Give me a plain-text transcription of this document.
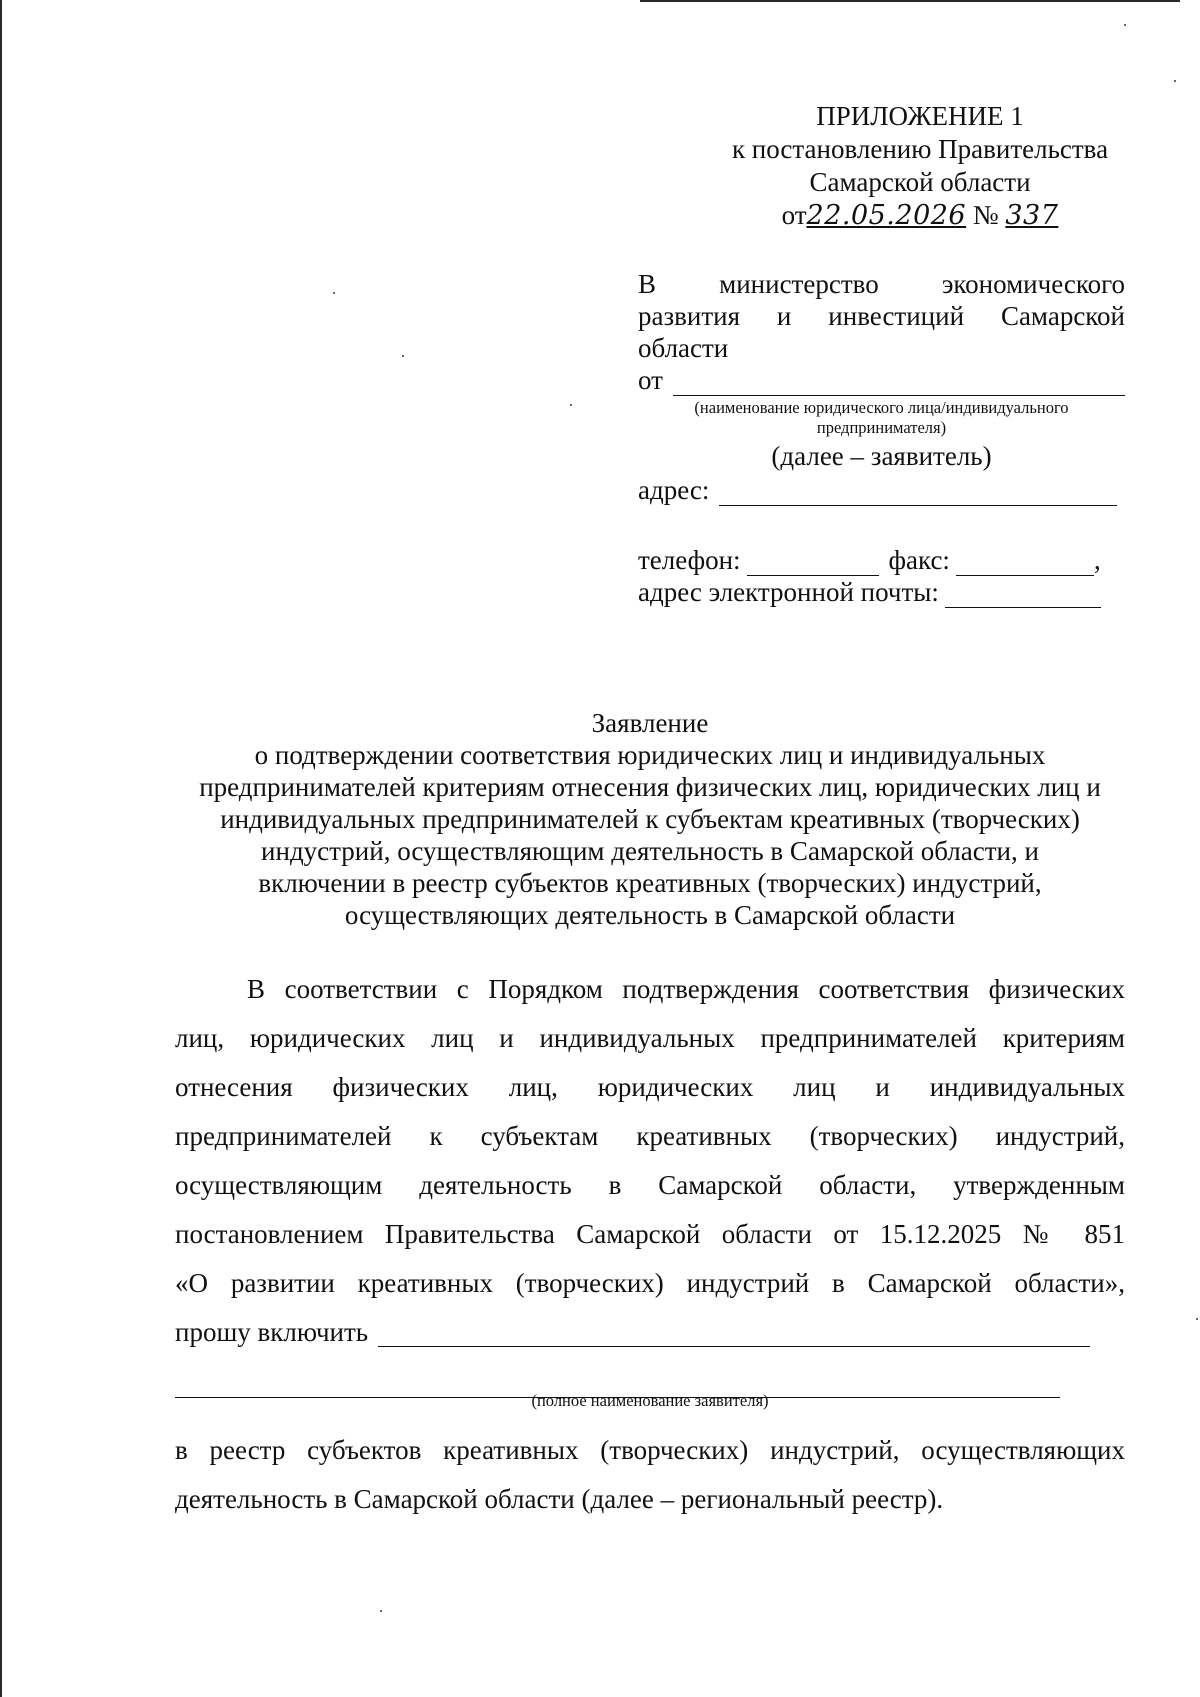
ПРИЛОЖЕНИЕ 1
к постановлению Правительства
Самарской области
от22.05.2026 № 337
В министерство экономического
развития и инвестиций Самарской
области
от
(наименование юридического лица/индивидуального
предпринимателя)
(далее – заявитель)
адрес:
телефон:	факс:	,
адрес электронной почты:
Заявление
о подтверждении соответствия юридических лиц и индивидуальных
предпринимателей критериям отнесения физических лиц, юридических лиц и
индивидуальных предпринимателей к субъектам креативных (творческих)
индустрий, осуществляющим деятельность в Самарской области, и
включении в реестр субъектов креативных (творческих) индустрий,
осуществляющих деятельность в Самарской области
В соответствии с Порядком подтверждения соответствия физических
лиц, юридических лиц и индивидуальных предпринимателей критериям
отнесения физических лиц, юридических лиц и индивидуальных
предпринимателей к субъектам креативных (творческих) индустрий,
осуществляющим деятельность в Самарской области, утвержденным
постановлением Правительства Самарской области от 15.12.2025 № 851
«О развитии креативных (творческих) индустрий в Самарской области»,
прошу включить
в реестр субъектов креативных (творческих) индустрий, осуществляющих
деятельность в Самарской области (далее – региональный реестр).
(полное наименование заявителя)
